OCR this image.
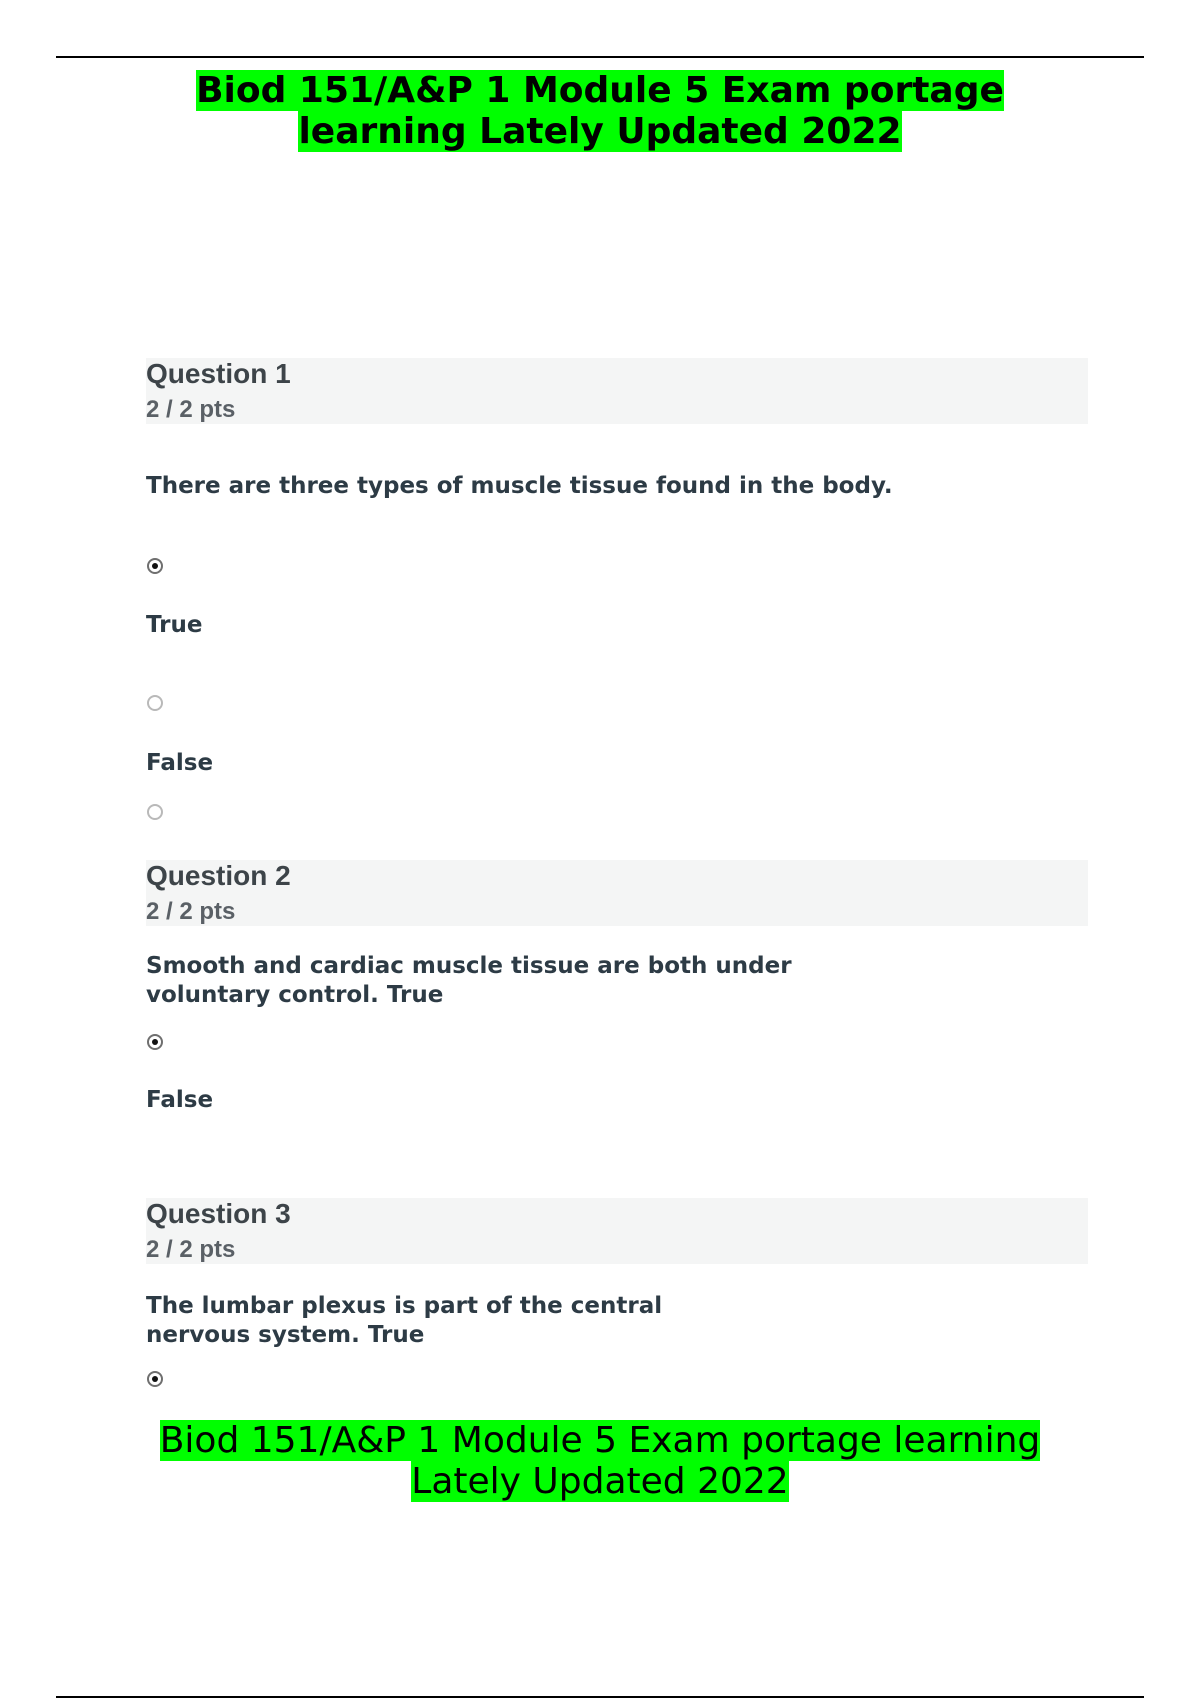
Biod 151/A&P 1 Module 5 Exam portage learning Lately Updated 2022
Question 1
2 / 2 pts
There are three types of muscle tissue found in the body.
True
False
Question 2
2 / 2 pts
Smooth and cardiac muscle tissue are both under
voluntary control. True
False
Question 3
2 / 2 pts
The lumbar plexus is part of the central
nervous system. True
Biod 151/A&P 1 Module 5 Exam portage learning Lately Updated 2022
